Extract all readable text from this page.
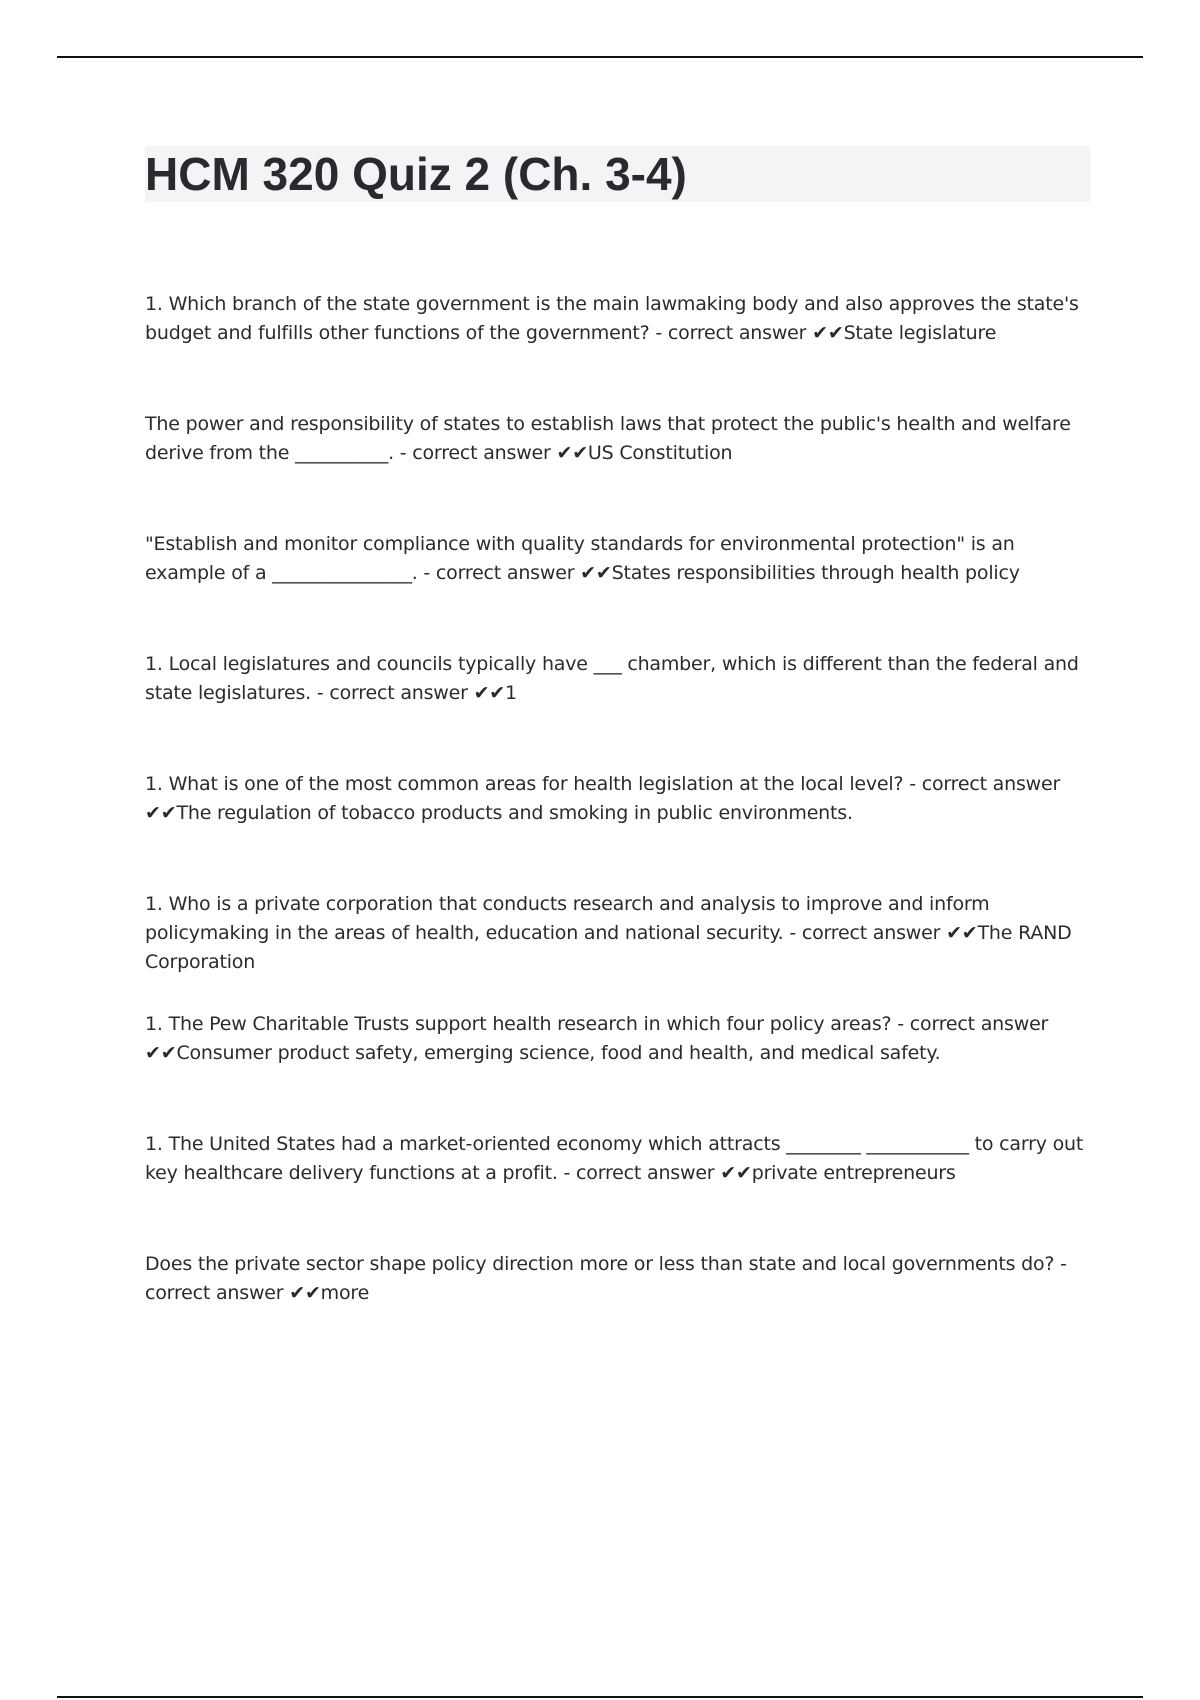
HCM 320 Quiz 2 (Ch. 3-4)

1. Which branch of the state government is the main lawmaking body and also approves the state's budget and fulfills other functions of the government? - correct answer ✔✔State legislature

The power and responsibility of states to establish laws that protect the public's health and welfare derive from the __________. - correct answer ✔✔US Constitution

"Establish and monitor compliance with quality standards for environmental protection" is an example of a _______________. - correct answer ✔✔States responsibilities through health policy

1. Local legislatures and councils typically have ___ chamber, which is different than the federal and state legislatures. - correct answer ✔✔1

1. What is one of the most common areas for health legislation at the local level? - correct answer ✔✔The regulation of tobacco products and smoking in public environments.

1. Who is a private corporation that conducts research and analysis to improve and inform policymaking in the areas of health, education and national security. - correct answer ✔✔The RAND Corporation

1. The Pew Charitable Trusts support health research in which four policy areas? - correct answer ✔✔Consumer product safety, emerging science, food and health, and medical safety.

1. The United States had a market-oriented economy which attracts ________ ___________ to carry out key healthcare delivery functions at a profit. - correct answer ✔✔private entrepreneurs

Does the private sector shape policy direction more or less than state and local governments do? - correct answer ✔✔more
